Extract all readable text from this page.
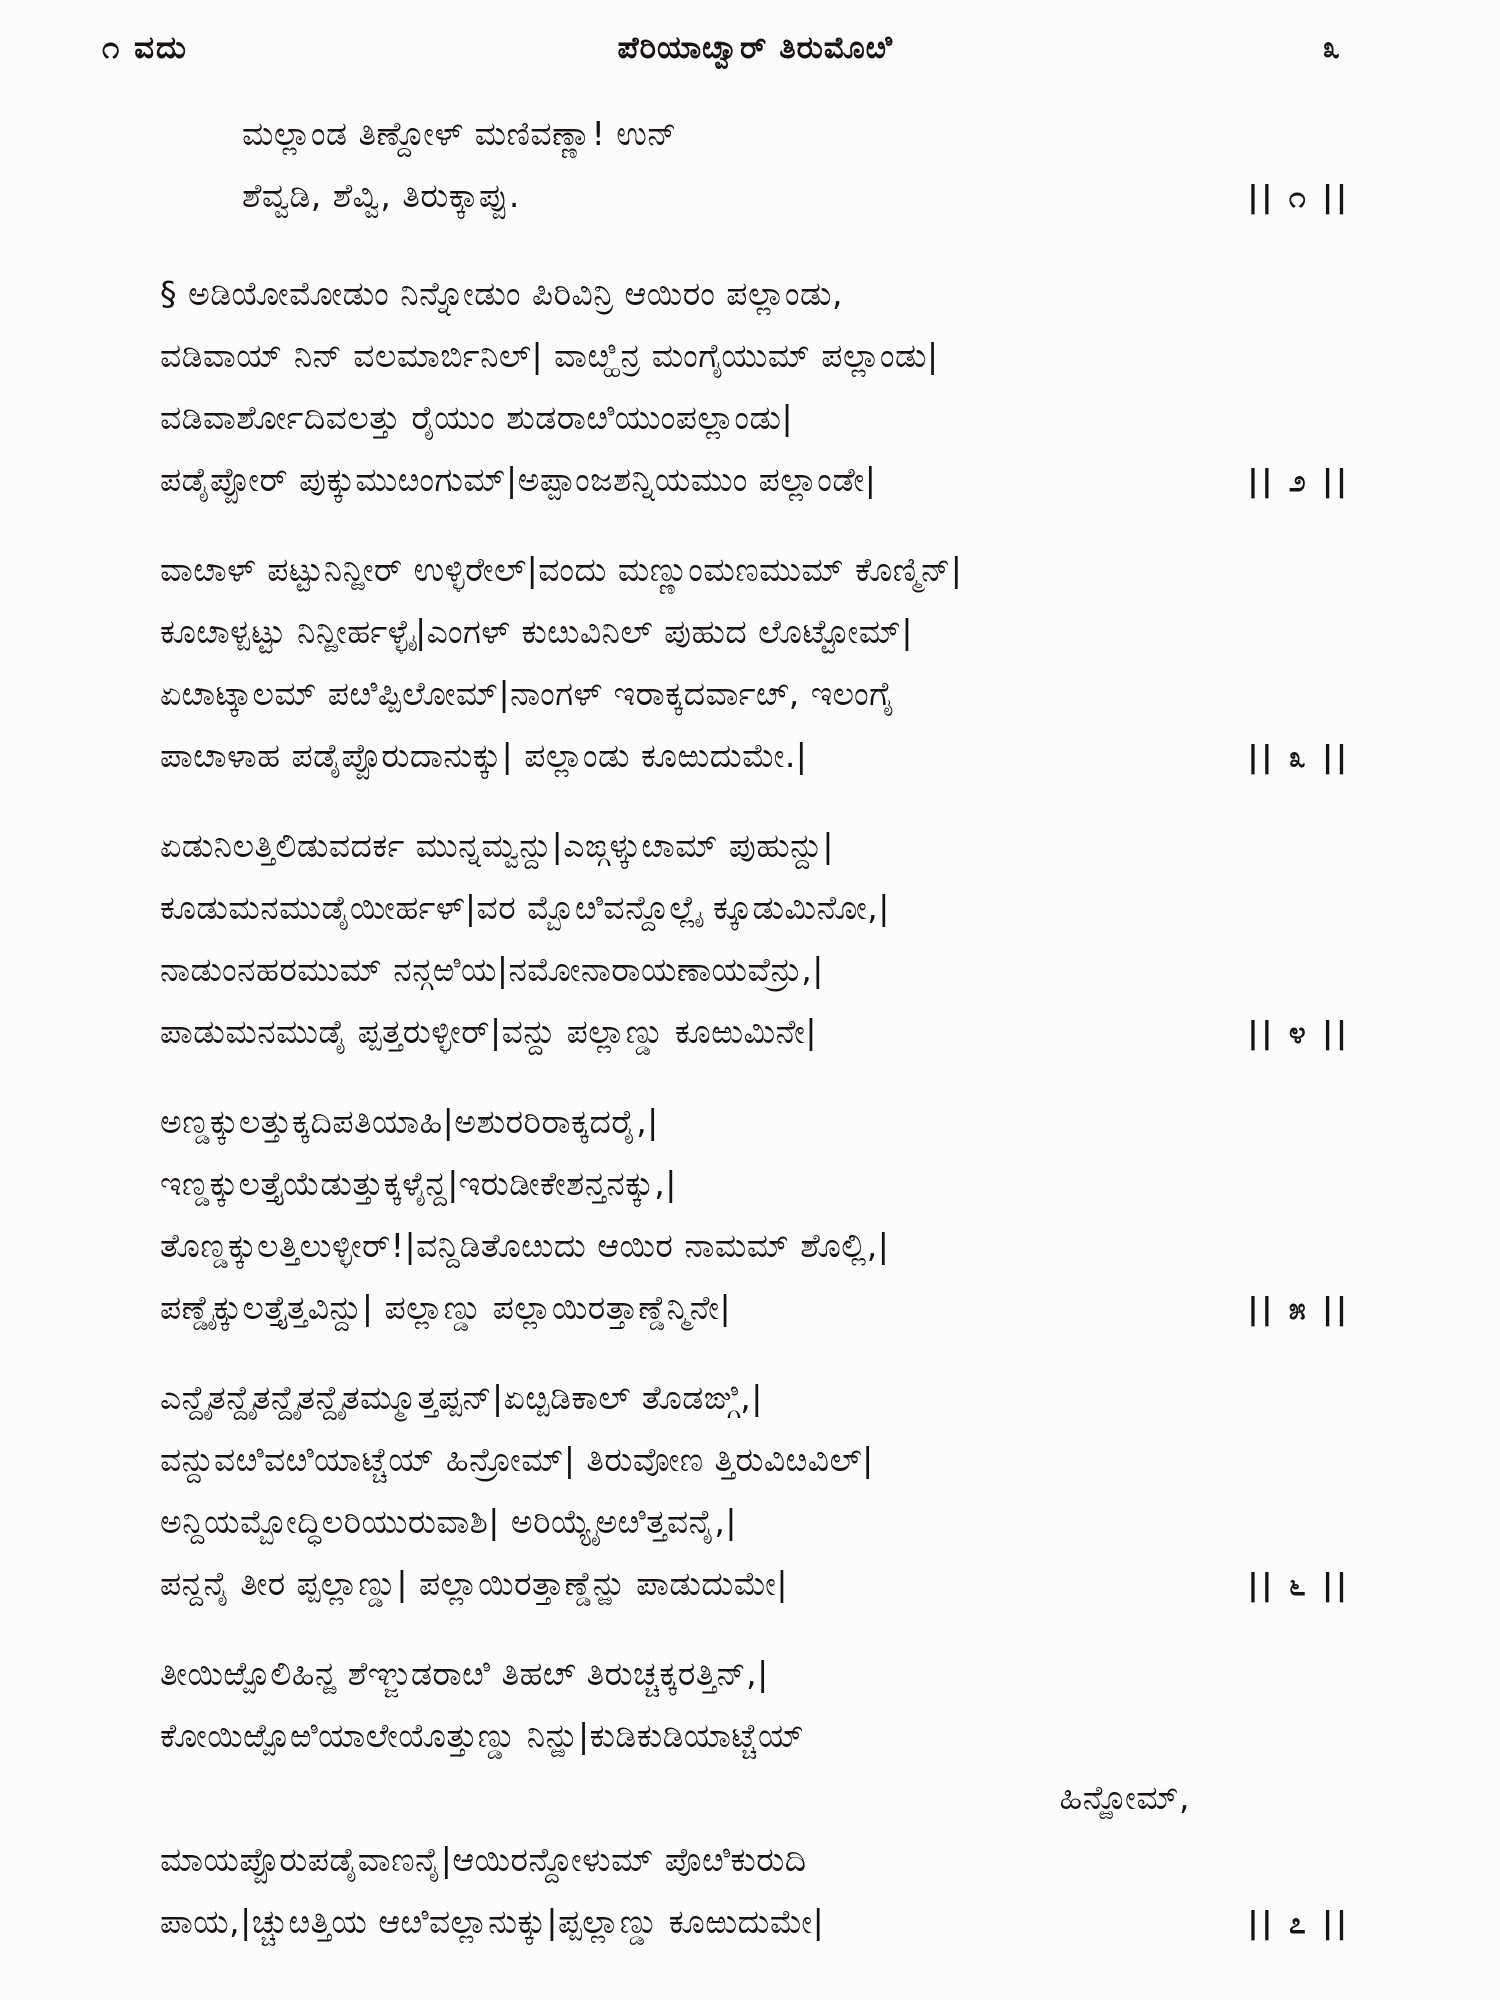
೧ ವದು	ಪೆರಿಯಾೞ್ವಾರ್ ತಿರುಮೊೞಿ	೩
ಮಲ್ಲಾಂಡ ತಿಣ್ದೋಳ್ ಮಣಿವಣ್ಣಾ! ಉನ್
ಶೆವ್ವಡಿ, ಶೆವ್ವಿ, ತಿರುಕ್ಕಾಪ್ಪು.	|| ೧ ||
§ ಅಡಿಯೋಮೋಡುಂ ನಿನ್ನೋಡುಂ ಪಿರಿವಿನ್ರಿ ಆಯಿರಂ ಪಲ್ಲಾಂಡು,
ವಡಿವಾಯ್ ನಿನ್ ವಲಮಾರ್ಬಿನಿಲ್| ವಾೞ್ಹಿನ್ರ ಮಂಗೈಯುಮ್ ಪಲ್ಲಾಂಡು|
ವಡಿವಾರ್ಶೋದಿವಲತ್ತು ರೈಯುಂ ಶುಡರಾೞಿಯುಂಪಲ್ಲಾಂಡು|
ಪಡೈಪ್ಪೋರ್ ಪುಕ್ಕುಮುೞಂಗುಮ್|ಅಪ್ಪಾಂಜಶನ್ನಿಯಮುಂ ಪಲ್ಲಾಂಡೇ|	|| ೨ ||
ವಾೞಾಳ್ ಪಟ್ಟುನಿನ್ಱೀರ್ ಉಳ್ಳಿರೇಲ್|ವಂದು ಮಣ್ಣುಂಮಣಮುಮ್ ಕೊಣ್ಮಿನ್|
ಕೂೞಾಳ್ಪಟ್ಟು ನಿನ್ಱೀರ್ಹಳ್ಳೈ|ಎಂಗಳ್ ಕುೞುವಿನಿಲ್ ಪುಹುದ ಲೊಟ್ಟೋಮ್|
ಏೞಾಟ್ಕಾಲಮ್ ಪೞಿಪ್ಪಿಲೋಮ್|ನಾಂಗಳ್ ಇರಾಕ್ಕದರ್ವಾೞ್, ಇಲಂಗೈ
ಪಾೞಾಳಾಹ ಪಡೈಪ್ಪೊರುದಾನುಕ್ಕು| ಪಲ್ಲಾಂಡು ಕೂಱುದುಮೇ.|	|| ೩ ||
ಏಡುನಿಲತ್ತಿಲಿಡುವದರ್ಕ ಮುನ್ನಮ್ವನ್ದು|ಎಙ್ಗಳ್ಕುೞಾಮ್ ಪುಹುನ್ದು|
ಕೂಡುಮನಮುಡೈಯೀರ್ಹಳ್|ವರ ಮ್ಬೊೞಿವನ್ದೊಲ್ಲೈ ಕ್ಕೂಡುಮಿನೋ,|
ನಾಡುಂನಹರಮುಮ್ ನನ್ಗಱಿಯ|ನಮೋನಾರಾಯಣಾಯವೆನ್ರು,|
ಪಾಡುಮನಮುಡೈ ಪ್ಪತ್ತರುಳ್ಳೀರ್|ವನ್ದು ಪಲ್ಲಾಣ್ಡು ಕೂಱುಮಿನೇ|	|| ೪ ||
ಅಣ್ಡಕ್ಕುಲತ್ತುಕ್ಕದಿಪತಿಯಾಹಿ|ಅಶುರರಿರಾಕ್ಕದರೈ,|
ಇಣ್ಡಕ್ಕುಲತ್ತೈಯೆಡುತ್ತುಕ್ಕಳೈನ್ದ|ಇರುಡೀಕೇಶನ್ತನಕ್ಕು,|
ತೊಣ್ಡಕ್ಕುಲತ್ತಿಲುಳ್ಳೀರ್!|ವನ್ದಿಡಿತೊೞುದು ಆಯಿರ ನಾಮಮ್ ಶೊಲ್ಲಿ,|
ಪಣ್ಡೈಕ್ಕುಲತ್ತೈತ್ತವಿನ್ದು| ಪಲ್ಲಾಣ್ಡು ಪಲ್ಲಾಯಿರತ್ತಾಣ್ಡೆನ್ಮಿನೇ|	|| ೫ ||
ಎನ್ದೈತನ್ದೈತನ್ದೈತನ್ದೈತಮ್ಮೂತ್ತಪ್ಪನ್|ಏೞ್ಪಡಿಕಾಲ್ ತೊಡಙ್ಗಿ,|
ವನ್ದುವೞಿವೞಿಯಾಟ್ಚೆಯ್ ಹಿನ್ರೋಮ್| ತಿರುವೋಣ ತ್ತಿರುವಿೞವಿಲ್|
ಅನ್ದಿಯಮ್ಬೋದ್ಧಿಲರಿಯುರುವಾಶಿ| ಅರಿಯ್ಯೈಅೞಿತ್ತವನೈ,|
ಪನ್ದನೈ ತೀರ ಪ್ಪಲ್ಲಾಣ್ಡು| ಪಲ್ಲಾಯಿರತ್ತಾಣ್ಡೆನ್ಱು ಪಾಡುದುಮೇ|	|| ೬ ||
ತೀಯಿಱ್ಪೊಲಿಹಿನ್ಱ ಶೆಞ್ಜುಡರಾೞಿ ತಿಹೞ್ ತಿರುಚ್ಚಕ್ಕರತ್ತಿನ್,|
ಕೋಯಿಱ್ಪೊಱಿಯಾಲೇಯೊತ್ತುಣ್ಡು ನಿನ್ಱು|ಕುಡಿಕುಡಿಯಾಟ್ಚೆಯ್
ಹಿನ್ಱೋಮ್,
ಮಾಯಪ್ಪೊರುಪಡೈವಾಣನೈ|ಆಯಿರನ್ದೋಳುಮ್ ಪೊೞಿಕುರುದಿ
ಪಾಯ,|ಚ್ಚುೞತ್ತಿಯ ಆೞಿವಲ್ಲಾನುಕ್ಕು|ಪ್ಪಲ್ಲಾಣ್ಡು ಕೂಱುದುಮೇ|	|| ೭ ||
